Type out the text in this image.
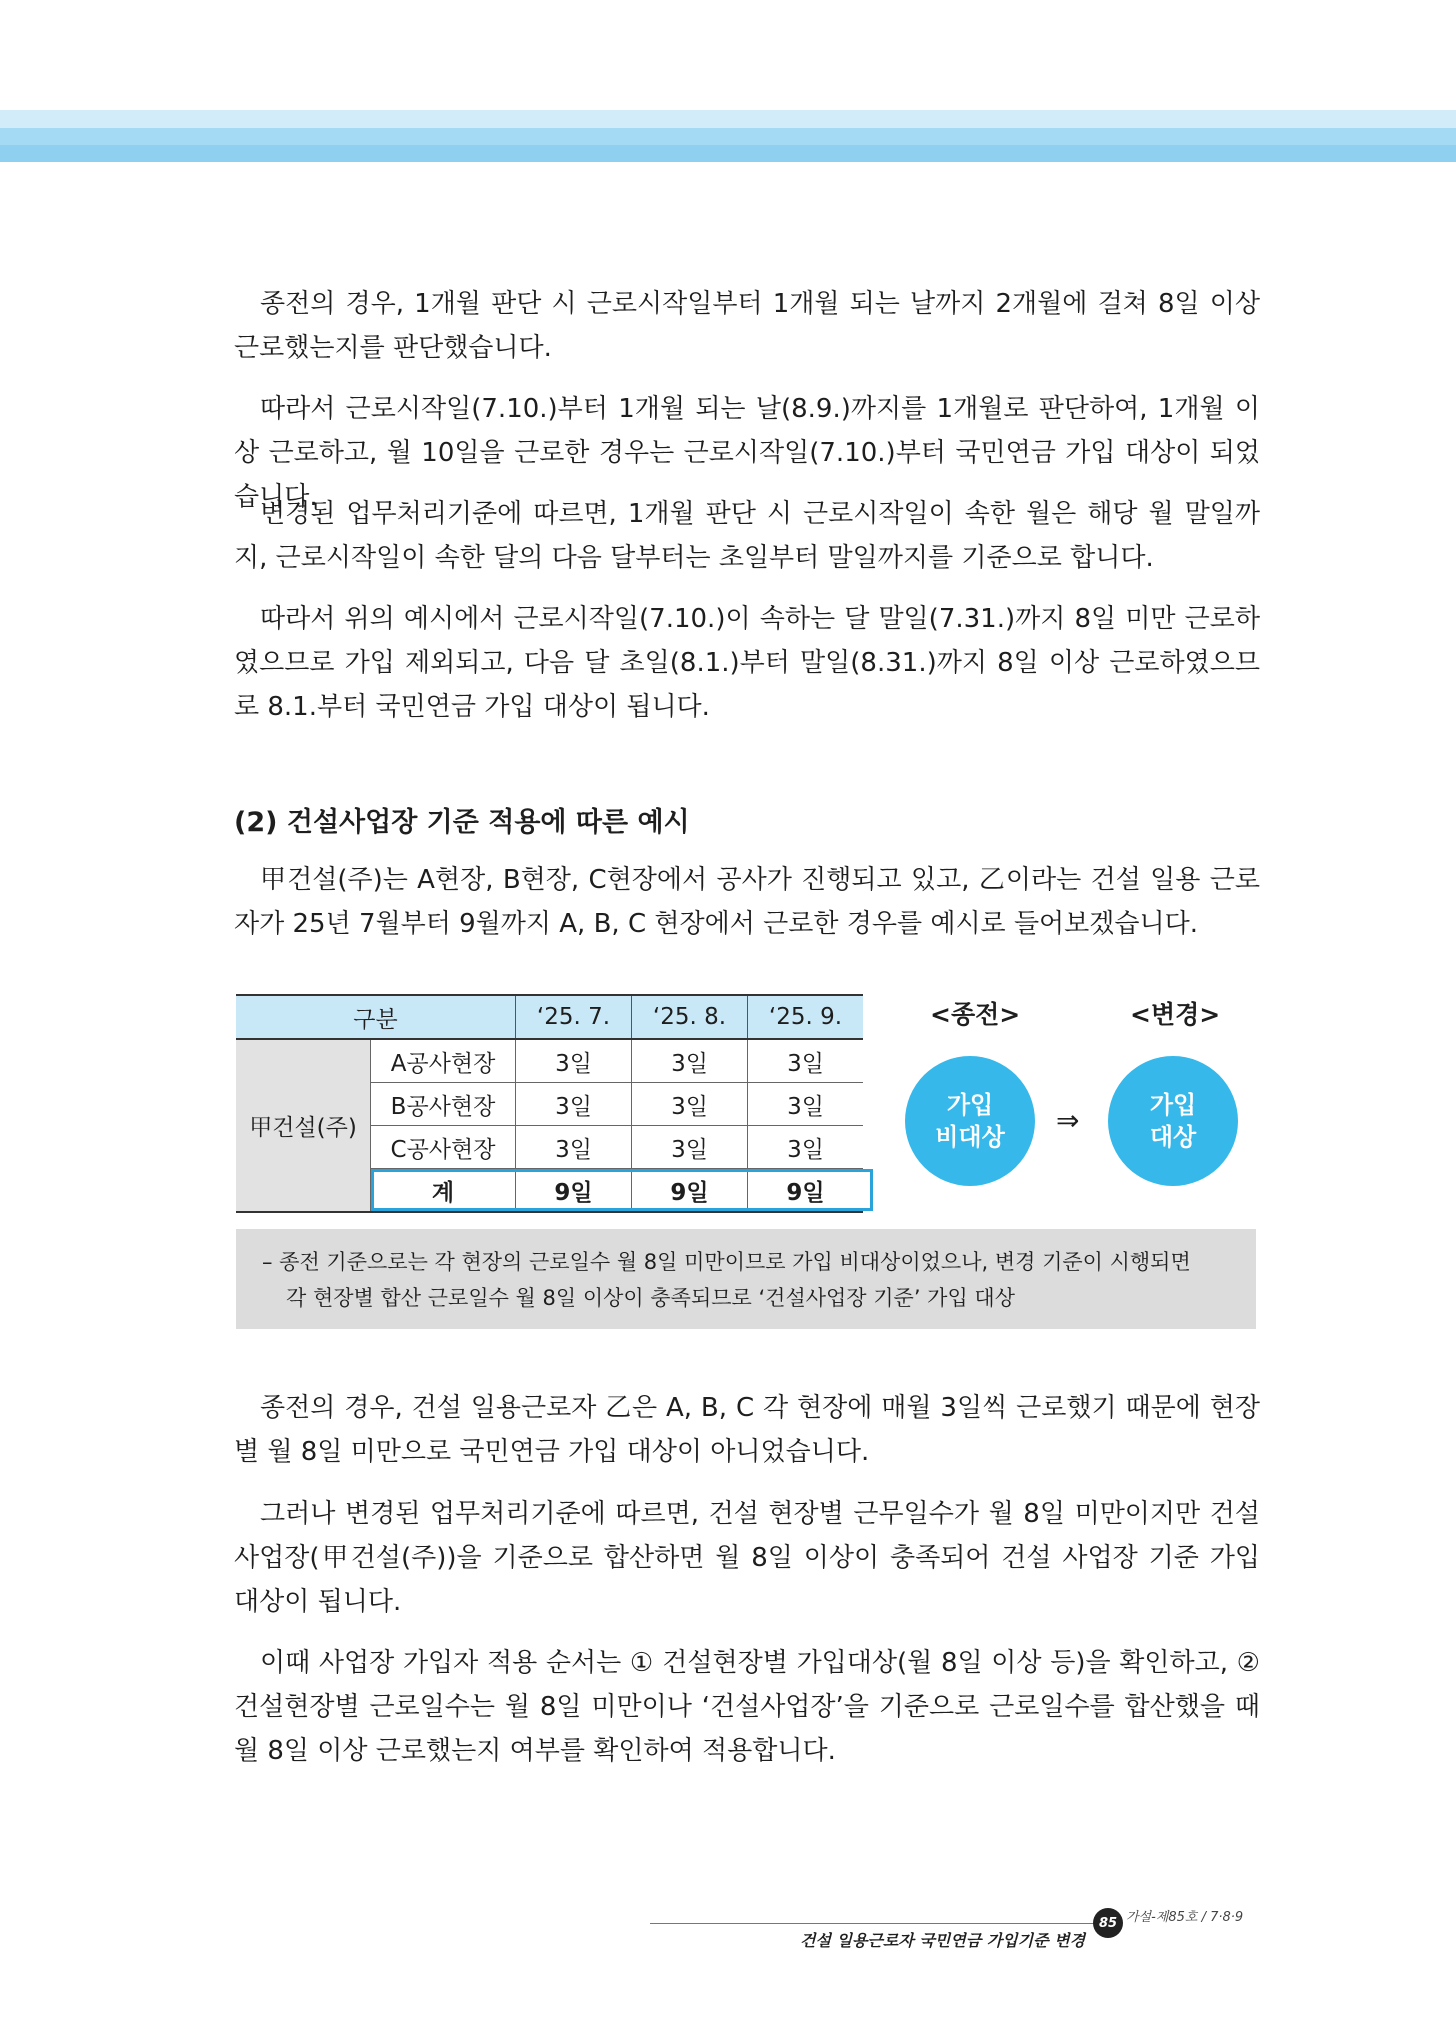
종전의 경우, 1개월 판단 시 근로시작일부터 1개월 되는 날까지 2개월에 걸쳐 8일 이상 근로했는지를 판단했습니다.

따라서 근로시작일(7.10.)부터 1개월 되는 날(8.9.)까지를 1개월로 판단하여, 1개월 이상 근로하고, 월 10일을 근로한 경우는 근로시작일(7.10.)부터 국민연금 가입 대상이 되었습니다.

변경된 업무처리기준에 따르면, 1개월 판단 시 근로시작일이 속한 월은 해당 월 말일까지, 근로시작일이 속한 달의 다음 달부터는 초일부터 말일까지를 기준으로 합니다.

따라서 위의 예시에서 근로시작일(7.10.)이 속하는 달 말일(7.31.)까지 8일 미만 근로하였으므로 가입 제외되고, 다음 달 초일(8.1.)부터 말일(8.31.)까지 8일 이상 근로하였으므로 8.1.부터 국민연금 가입 대상이 됩니다.

(2) 건설사업장 기준 적용에 따른 예시

甲건설(주)는 A현장, B현장, C현장에서 공사가 진행되고 있고, 乙이라는 건설 일용 근로자가 25년 7월부터 9월까지 A, B, C 현장에서 근로한 경우를 예시로 들어보겠습니다.

구분		‘25. 7.	‘25. 8.	‘25. 9.
甲건설(주)	A공사현장	3일	3일	3일
	B공사현장	3일	3일	3일
	C공사현장	3일	3일	3일
	계	9일	9일	9일
<종전>	<변경>
가입
비대상 ⇒	가입
대상

– 종전 기준으로는 각 현장의 근로일수 월 8일 미만이므로 가입 비대상이었으나, 변경 기준이 시행되면

각 현장별 합산 근로일수 월 8일 이상이 충족되므로 ‘건설사업장 기준’ 가입 대상

종전의 경우, 건설 일용근로자 乙은 A, B, C 각 현장에 매월 3일씩 근로했기 때문에 현장별 월 8일 미만으로 국민연금 가입 대상이 아니었습니다.

그러나 변경된 업무처리기준에 따르면, 건설 현장별 근무일수가 월 8일 미만이지만 건설사업장(甲건설(주))을 기준으로 합산하면 월 8일 이상이 충족되어 건설 사업장 기준 가입 대상이 됩니다.

이때 사업장 가입자 적용 순서는 ① 건설현장별 가입대상(월 8일 이상 등)을 확인하고, ② 건설현장별 근로일수는 월 8일 미만이나 ‘건설사업장’을 기준으로 근로일수를 합산했을 때 월 8일 이상 근로했는지 여부를 확인하여 적용합니다.

가설-제85호 / 7·8·9
85
건설 일용근로자 국민연금 가입기준 변경
